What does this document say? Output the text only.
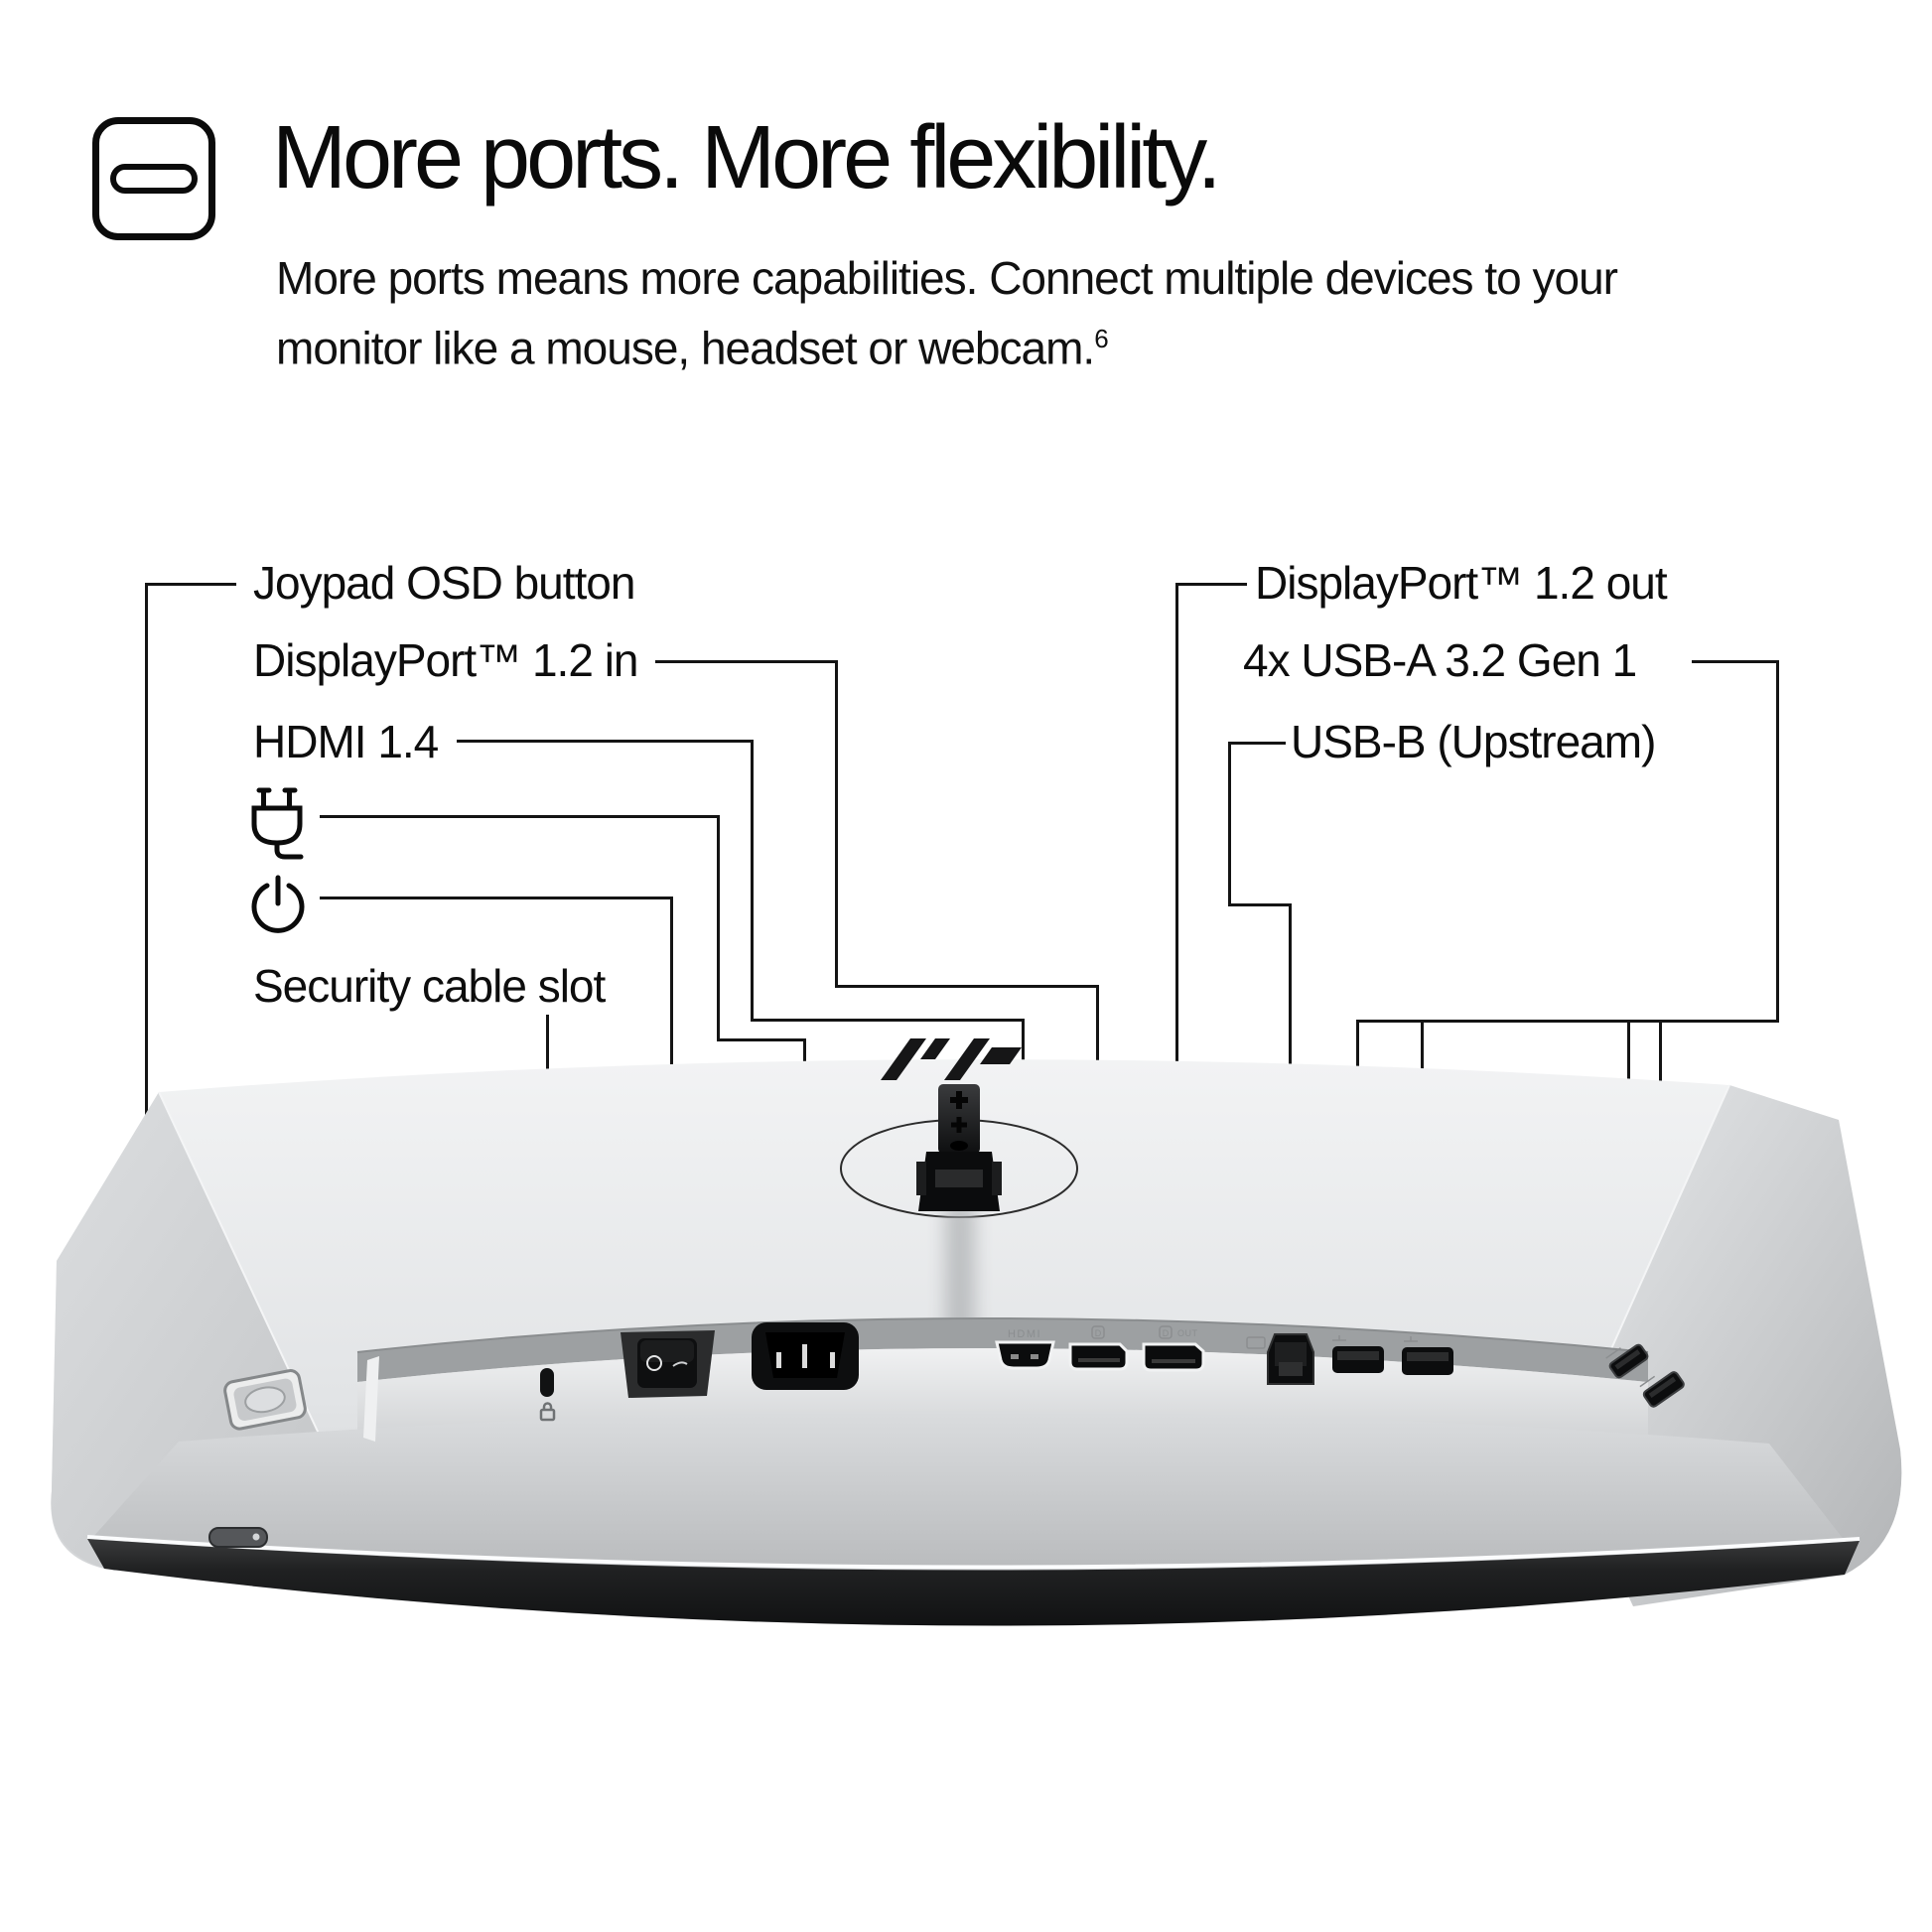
More ports. More flexibility.
More ports means more capabilities. Connect multiple devices to your
monitor like a mouse, headset or webcam.$^6$
Joypad OSD button
DisplayPort™ 1.2 in
HDMI 1.4
Security cable slot
DisplayPort™ 1.2 out
4x USB-A 3.2 Gen 1
USB-B (Upstream)
HDMI	D	D OUT
